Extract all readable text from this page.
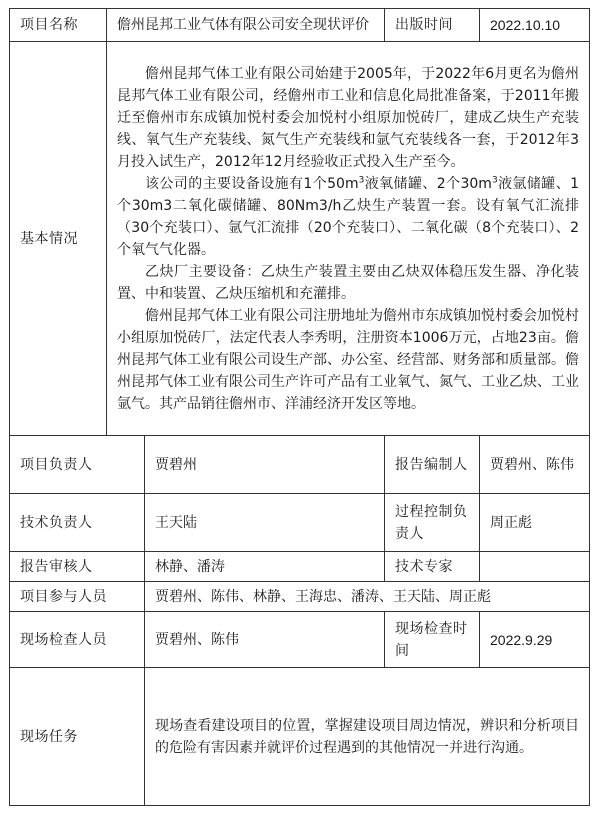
项目名称	儋州昆邦工业气体有限公司安全现状评价		出版时间	2022.10.10
基本情况	儋州昆邦气体工业有限公司始建于2005年，于2022年6月更名为儋州昆邦气体工业有限公司，经儋州市工业和信息化局批准备案，于2011年搬迁至儋州市东成镇加悦村委会加悦村小组原加悦砖厂，建成乙炔生产充装线、氧气生产充装线、氮气生产充装线和氩气充装线各一套，于2012年3月投入试生产，2012年12月经验收正式投入生产至今。

该公司的主要设备设施有1个$50m^3$液氧储罐、2个$30m^3$液氩储罐、1个30m3二氧化碳储罐、80Nm3/h乙炔生产装置一套。设有氧气汇流排（30个充装口）、氩气汇流排（20个充装口）、二氧化碳（8个充装口）、2个氧气气化器。

乙炔厂主要设备：乙炔生产装置主要由乙炔双体稳压发生器、净化装置、中和装置、乙炔压缩机和充灌排。

儋州昆邦气体工业有限公司注册地址为儋州市东成镇加悦村委会加悦村小组原加悦砖厂，法定代表人李秀明，注册资本1006万元，占地23亩。儋州昆邦气体工业有限公司设生产部、办公室、经营部、财务部和质量部。儋州昆邦气体工业有限公司生产许可产品有工业氧气、氮气、工业乙炔、工业氩气。其产品销往儋州市、洋浦经济开发区等地。			

项目负责人		贾碧州	报告编制人	贾碧州、陈伟
技术负责人		王天陆	过程控制负责人	周正彪
报告审核人		林静、潘涛	技术专家	
项目参与人员		贾碧州、陈伟、林静、王海忠、潘涛、王天陆、周正彪		
现场检查人员		贾碧州、陈伟	现场检查时间	2022.9.29
现场任务		现场查看建设项目的位置，掌握建设项目周边情况，辨识和分析项目的危险有害因素并就评价过程遇到的其他情况一并进行沟通。		
